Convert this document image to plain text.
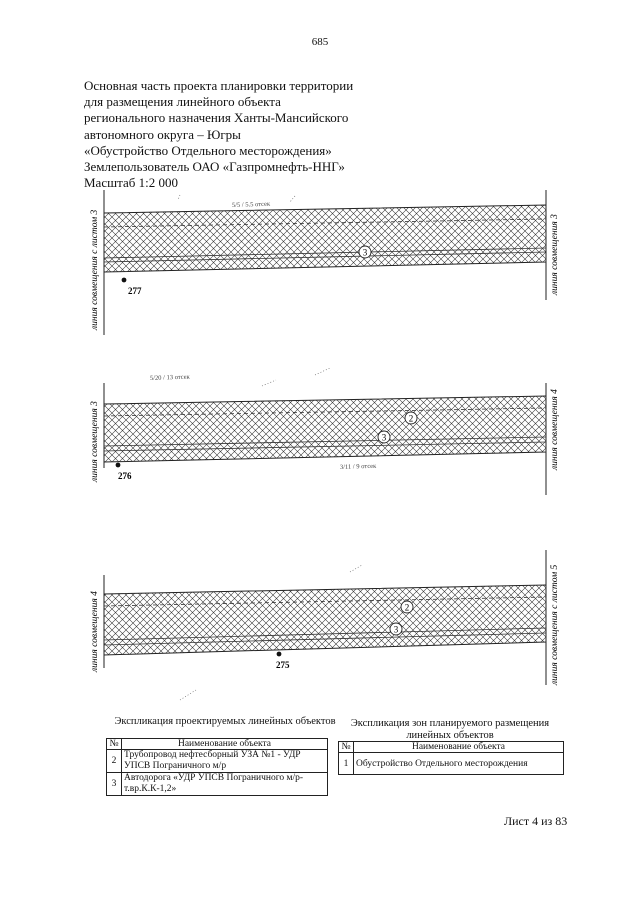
685
Основная часть проекта планировки территории
для размещения линейного объекта
регионального назначения Ханты-Мансийского
автономного округа – Югры
«Обустройство Отдельного месторождения»
Землепользователь ОАО «Газпромнефть-ННГ»
Масштаб 1:2 000
3
277
линия совмещения с листом 3	линия совмещения 3
5/5 / 5.5 отсек
2
3
276
линия совмещения 3	линия совмещения 4
5/20 / 13 отсек
3/11 / 9 отсек
2
3
275
линия совмещения 4	линия совмещения с листом 5
Экспликация проектируемых линейных объектов
№	Наименование объекта
2	Трубопровод нефтесборный УЗА №1 - УДР УПСВ Пограничного м/р
3	Автодорога «УДР УПСВ Пограничного м/р-т.вр.К.К-1,2»
Экспликация зон планируемого размещения
линейных объектов
№	Наименование объекта
1	Обустройство Отдельного месторождения
Лист 4 из 83
